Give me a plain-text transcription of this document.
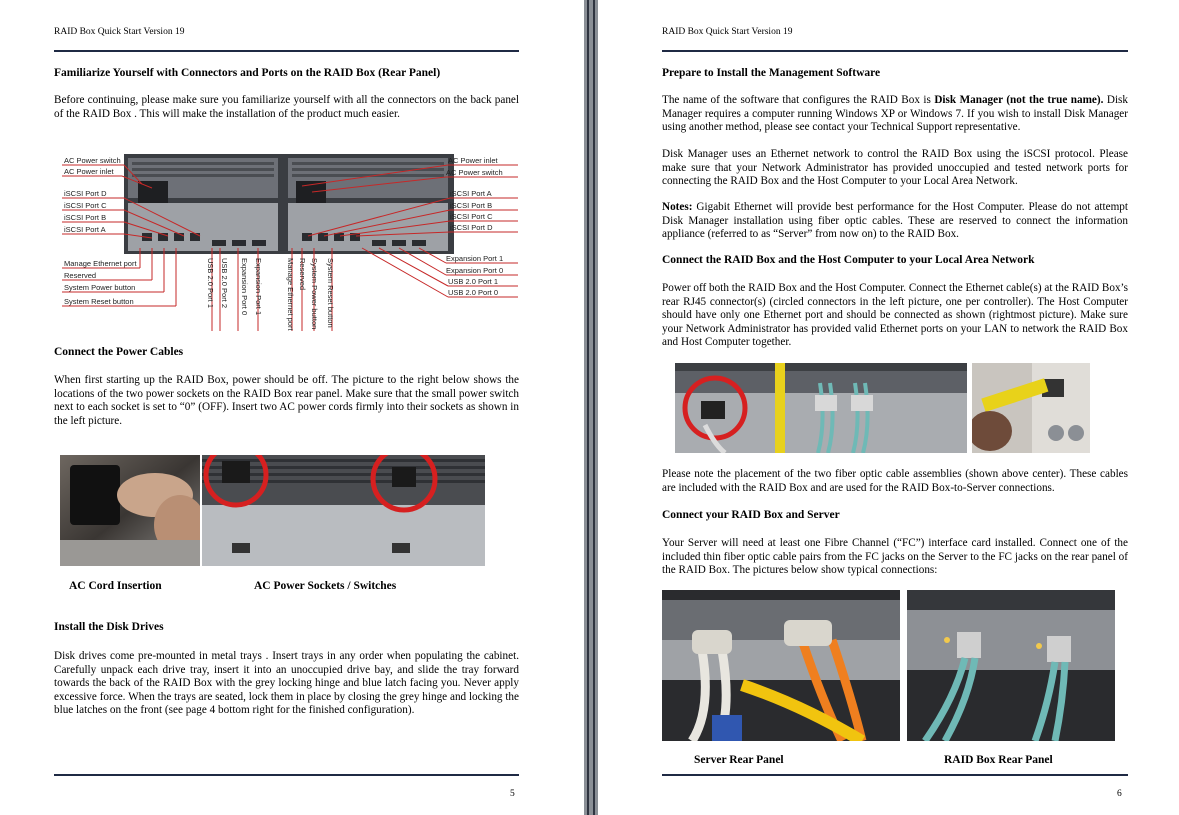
RAID Box Quick Start Version 19
Familiarize Yourself with Connectors and Ports on the RAID Box (Rear Panel)
Before continuing, please make sure you familiarize yourself with all the connectors on the back panel of the RAID Box . This will make the installation of the product much easier.
AC Power switch
AC Power inlet
iSCSI Port D
iSCSI Port C
iSCSI Port B
iSCSI Port A
Manage Ethernet port
Reserved
System Power button
System Reset button
AC Power inlet
AC Power switch
iSCSI Port A
iSCSI Port B
iSCSI Port C
iSCSI Port D
Expansion Port 1
Expansion Port 0
USB 2.0 Port 1
USB 2.0 Port 0
USB 2.0 Port 1 USB 2.0 Port 2 Expansion Port 0 Expansion Port 1	Manage Ethernet port Reserved System Power button System Reset button
Connect the Power Cables
When first starting up the RAID Box, power should be off. The picture to the right below shows the locations of the two power sockets on the RAID Box rear panel. Make sure that the small power switch next to each socket is set to “0” (OFF). Insert two AC power cords firmly into their sockets as shown in the left picture.
AC Cord Insertion	AC Power Sockets / Switches
Install the Disk Drives
Disk drives come pre-mounted in metal trays . Insert trays in any order when populating the cabinet. Carefully unpack each drive tray, insert it into an unoccupied drive bay, and slide the tray forward towards the back of the RAID Box with the grey locking hinge and blue latch facing you. Never apply excessive force. When the trays are seated, lock them in place by closing the grey hinge and locking the blue latches on the front (see page 4 bottom right for the finished configuration).
5
RAID Box Quick Start Version 19
Prepare to Install the Management Software
The name of the software that configures the RAID Box is Disk Manager (not the true name). Disk Manager requires a computer running Windows XP or Windows 7. If you wish to install Disk Manager using another method, please see contact your Technical Support representative.
Disk Manager uses an Ethernet network to control the RAID Box using the iSCSI protocol. Please make sure that your Network Administrator has provided unoccupied and tested network ports for connecting the RAID Box and the Host Computer to your Local Area Network.
Notes: Gigabit Ethernet will provide best performance for the Host Computer. Please do not attempt Disk Manager installation using fiber optic cables. These are reserved to connect the information appliance (referred to as “Server” from now on) to the RAID Box.
Connect the RAID Box and the Host Computer to your Local Area Network
Power off both the RAID Box and the Host Computer. Connect the Ethernet cable(s) at the RAID Box’s rear RJ45 connector(s) (circled connectors in the left picture, one per controller). The Host Computer should have only one Ethernet port and should be connected as shown (rightmost picture). Make sure your Network Administrator has provided valid Ethernet ports on your LAN to network the RAID Box and Host Computer together.
Please note the placement of the two fiber optic cable assemblies (shown above center). These cables are included with the RAID Box and are used for the RAID Box-to-Server connections.
Connect your RAID Box and Server
Your Server will need at least one Fibre Channel (“FC”) interface card installed. Connect one of the included thin fiber optic cable pairs from the FC jacks on the Server to the FC jacks on the rear panel of the RAID Box. The pictures below show typical connections:
Server Rear Panel	RAID Box Rear Panel
6
